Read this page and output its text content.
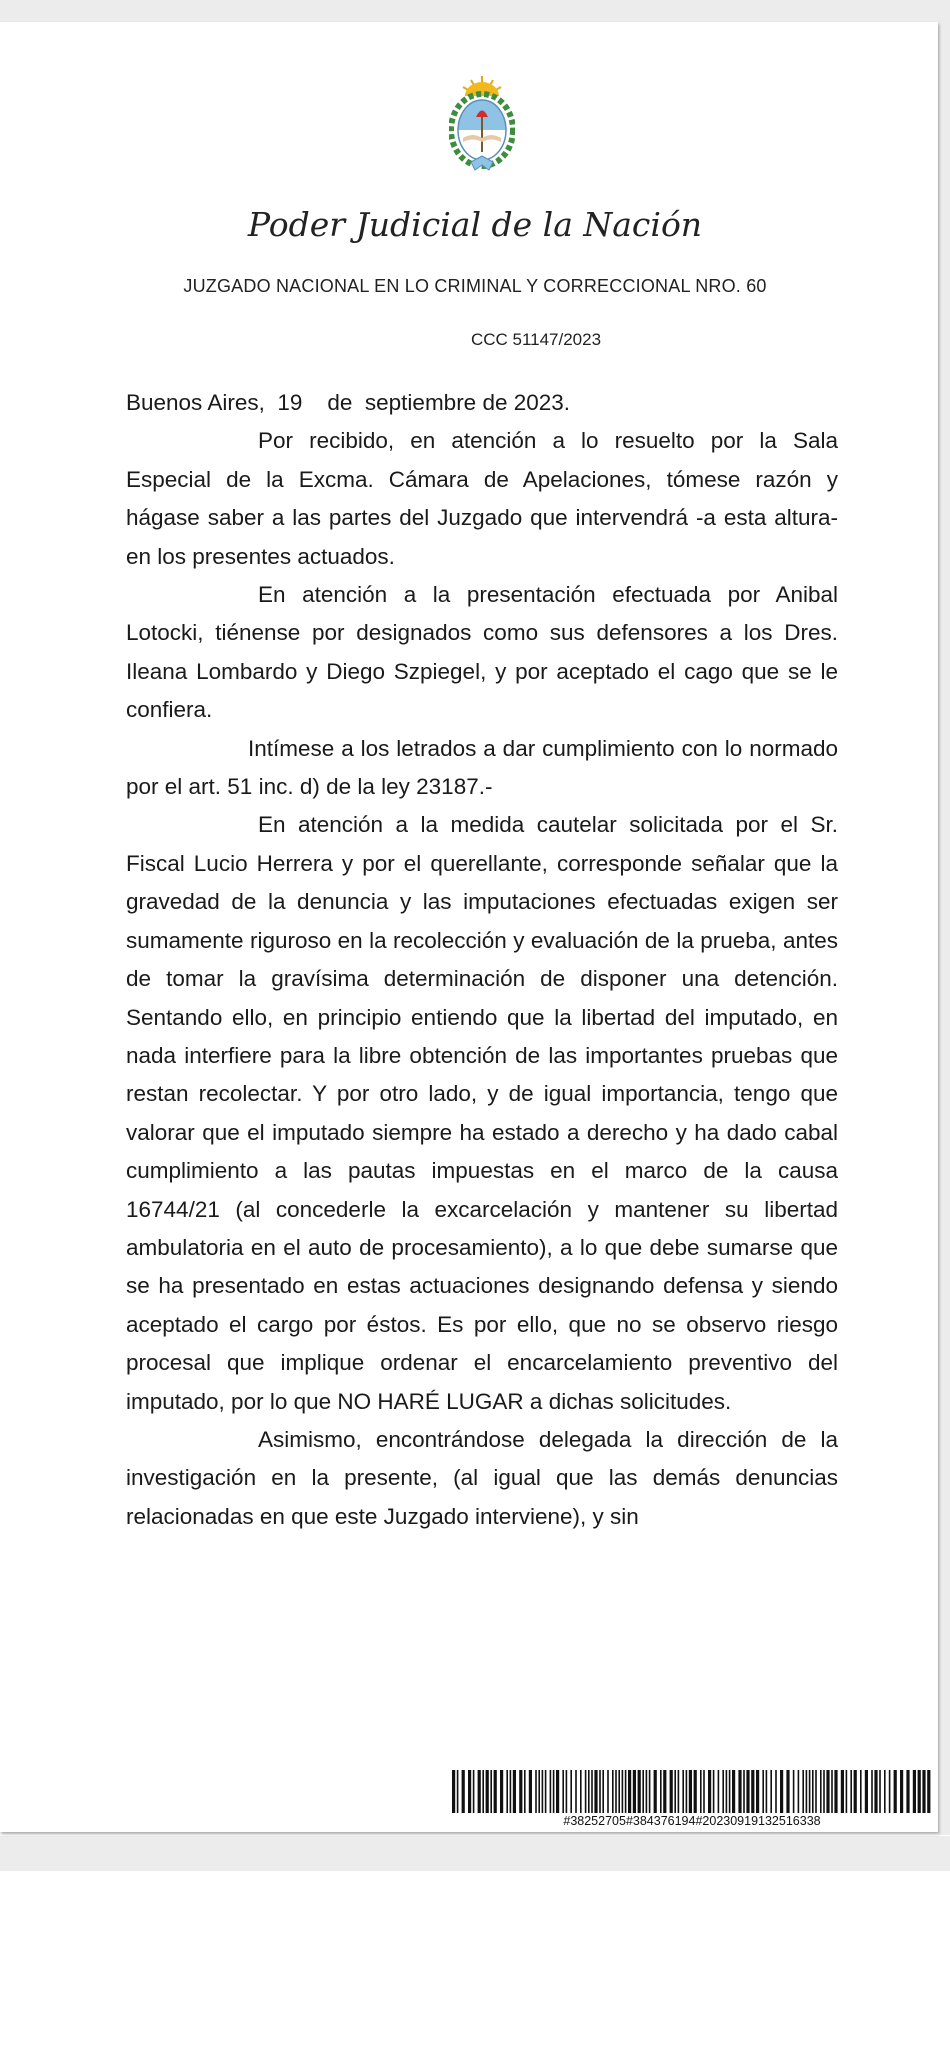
Poder Judicial de la Nación
JUZGADO NACIONAL EN LO CRIMINAL Y CORRECCIONAL NRO. 60
CCC 51147/2023

Buenos Aires,  19    de  septiembre de 2023.

Por recibido, en atención a lo resuelto por la Sala Especial de la Excma. Cámara de Apelaciones, tómese razón y hágase saber a las partes del Juzgado que intervendrá -a esta altura- en los presentes actuados.

En atención a la presentación efectuada por Anibal Lotocki, tiénense por designados como sus defensores a los Dres. Ileana Lombardo y Diego Szpiegel, y por aceptado el cago que se le confiera.

Intímese a los letrados a dar cumplimiento con lo normado por el art. 51 inc. d) de la ley 23187.-

En atención a la medida cautelar solicitada por el Sr. Fiscal Lucio Herrera y por el querellante, corresponde señalar que la gravedad de la denuncia y las imputaciones efectuadas exigen ser sumamente riguroso en la recolección y evaluación de la prueba, antes de tomar la gravísima determinación de disponer una detención. Sentando ello, en principio entiendo que la libertad del imputado, en nada interfiere para la libre obtención de las importantes pruebas que restan recolectar. Y por otro lado, y de igual importancia, tengo que valorar que el imputado siempre ha estado a derecho y ha dado cabal cumplimiento a las pautas impuestas en el marco de la causa 16744/21 (al concederle la excarcelación y mantener su libertad ambulatoria en el auto de procesamiento), a lo que debe sumarse que se ha presentado en estas actuaciones designando defensa y siendo aceptado el cargo por éstos. Es por ello, que no se observo riesgo procesal que implique ordenar el encarcelamiento preventivo del imputado, por lo que NO HARÉ LUGAR a dichas solicitudes.

Asimismo, encontrándose delegada la dirección de la investigación en la presente, (al igual que las demás denuncias relacionadas en que este Juzgado interviene), y sin

#38252705#384376194#20230919132516338
